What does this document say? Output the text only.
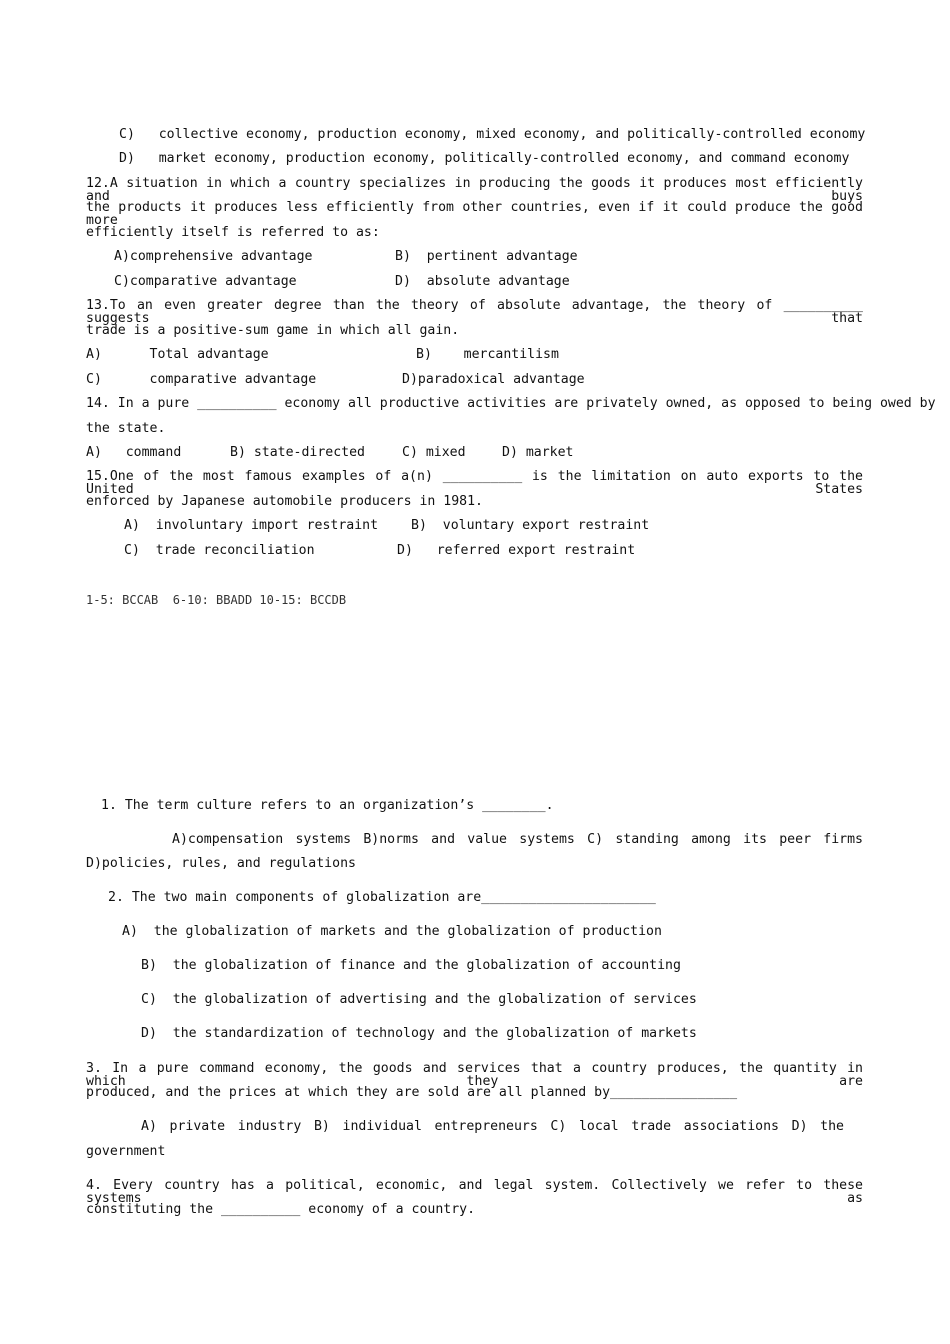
C)   collective economy, production economy, mixed economy, and politically-controlled economy
D)   market economy, production economy, politically-controlled economy, and command economy
12.A situation in which a country specializes in producing the goods it produces most efficiently and buys
the products it produces less efficiently from other countries, even if it could produce the good more
efficiently itself is referred to as:
A)comprehensive advantage	B)  pertinent advantage
C)comparative advantage	D)  absolute advantage
13.To an even greater degree than the theory of absolute advantage, the theory of __________ suggests that
trade is a positive-sum game in which all gain.
A)      Total advantage	B)    mercantilism
C)      comparative advantage	D)paradoxical advantage
14. In a pure __________ economy all productive activities are privately owned, as opposed to being owed by
the state.
A)   command	B) state-directed	C) mixed	D) market
15.One of the most famous examples of a(n) __________ is the limitation on auto exports to the United States
enforced by Japanese automobile producers in 1981.
A)  involuntary import restraint B)  voluntary export restraint
C)  trade reconciliation	D)   referred export restraint
1-5: BCCAB  6-10: BBADD 10-15: BCCDB
1. The term culture refers to an organization’s ________.
A)compensation systems B)norms and value systems C) standing among its peer firms
D)policies, rules, and regulations
2. The two main components of globalization are______________________
A)  the globalization of markets and the globalization of production
B)  the globalization of finance and the globalization of accounting
C)  the globalization of advertising and the globalization of services
D)  the standardization of technology and the globalization of markets
3. In a pure command economy, the goods and services that a country produces, the quantity in which they are
produced, and the prices at which they are sold are all planned by________________
A) private industry B) individual entrepreneurs C) local trade associations D) the
government
4. Every country has a political, economic, and legal system. Collectively we refer to these systems as
constituting the __________ economy of a country.
